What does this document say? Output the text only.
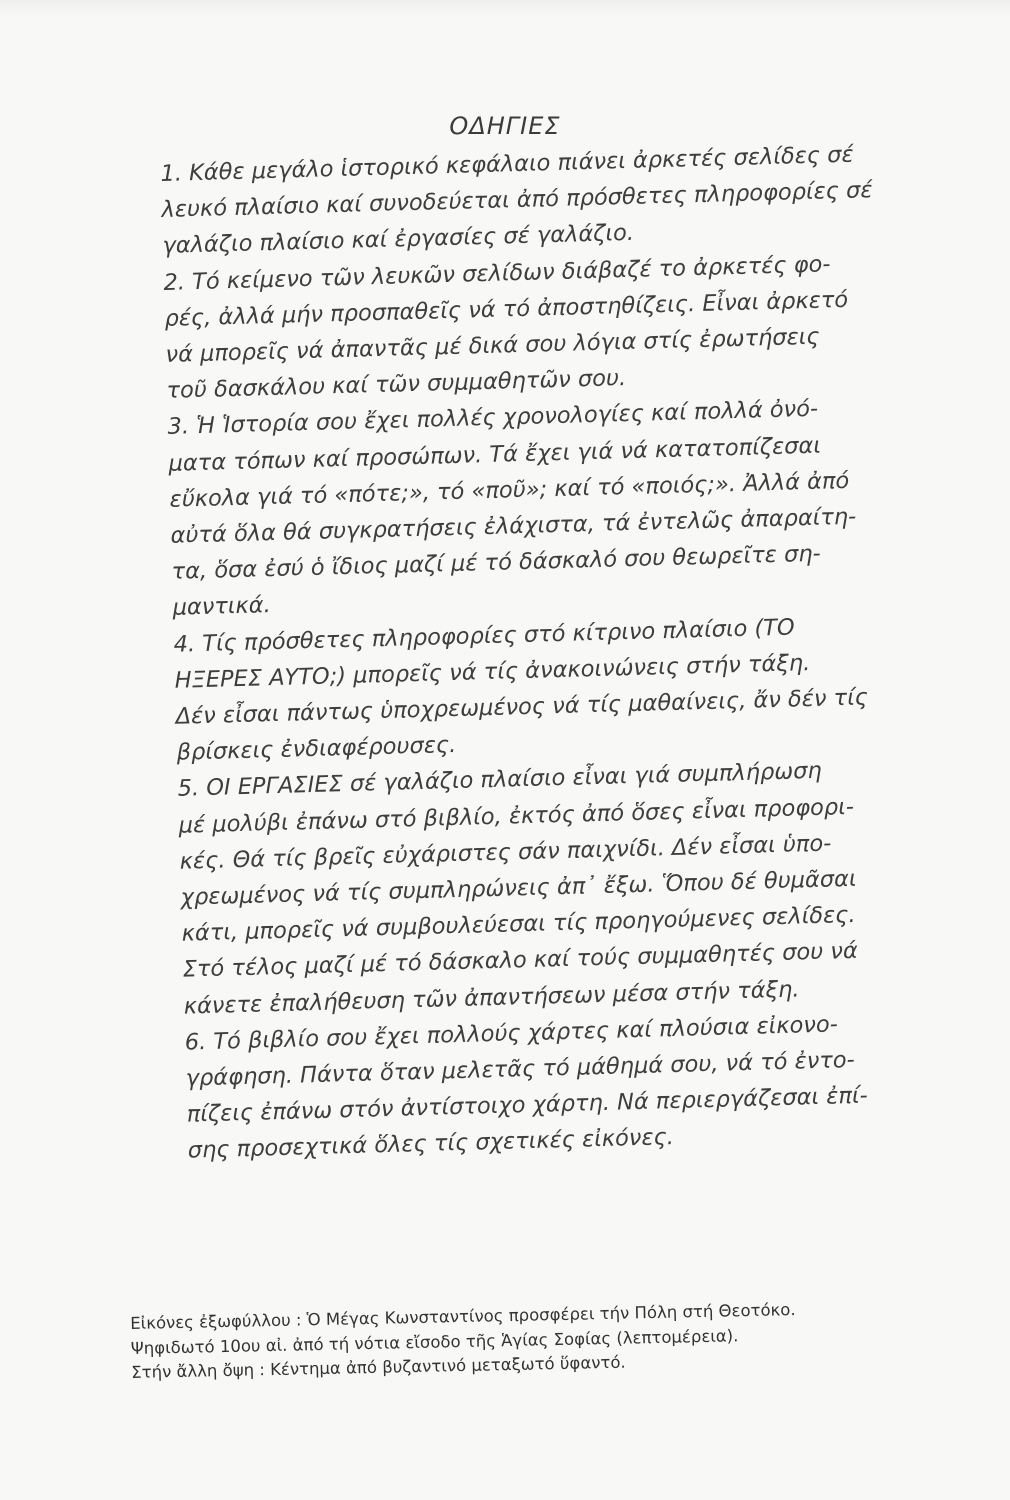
ΟΔΗΓΙΕΣ
1. Κάθε μεγάλο ἱστορικό κεφάλαιο πιάνει ἀρκετές σελίδες σέ
λευκό πλαίσιο καί συνοδεύεται ἀπό πρόσθετες πληροφορίες σέ
γαλάζιο πλαίσιο καί ἐργασίες σέ γαλάζιο.
2. Τό κείμενο τῶν λευκῶν σελίδων διάβαζέ το ἀρκετές φο-
ρές, ἀλλά μήν προσπαθεῖς νά τό ἀποστηθίζεις. Εἶναι ἀρκετό
νά μπορεῖς νά ἀπαντᾶς μέ δικά σου λόγια στίς ἐρωτήσεις
τοῦ δασκάλου καί τῶν συμμαθητῶν σου.
3. Ἡ Ἱστορία σου ἔχει πολλές χρονολογίες καί πολλά ὀνό-
ματα τόπων καί προσώπων. Τά ἔχει γιά νά κατατοπίζεσαι
εὔκολα γιά τό «πότε;», τό «ποῦ»; καί τό «ποιός;». Ἀλλά ἀπό
αὐτά ὅλα θά συγκρατήσεις ἐλάχιστα, τά ἐντελῶς ἀπαραίτη-
τα, ὅσα ἐσύ ὁ ἴδιος μαζί μέ τό δάσκαλό σου θεωρεῖτε ση-
μαντικά.
4. Τίς πρόσθετες πληροφορίες στό κίτρινο πλαίσιο (ΤΟ
ΗΞΕΡΕΣ ΑΥΤΟ;) μπορεῖς νά τίς ἀνακοινώνεις στήν τάξη.
Δέν εἶσαι πάντως ὑποχρεωμένος νά τίς μαθαίνεις, ἄν δέν τίς
βρίσκεις ἐνδιαφέρουσες.
5. ΟΙ ΕΡΓΑΣΙΕΣ σέ γαλάζιο πλαίσιο εἶναι γιά συμπλήρωση
μέ μολύβι ἐπάνω στό βιβλίο, ἐκτός ἀπό ὅσες εἶναι προφορι-
κές. Θά τίς βρεῖς εὐχάριστες σάν παιχνίδι. Δέν εἶσαι ὑπο-
χρεωμένος νά τίς συμπληρώνεις ἀπ᾿ ἔξω. Ὅπου δέ θυμᾶσαι
κάτι, μπορεῖς νά συμβουλεύεσαι τίς προηγούμενες σελίδες.
Στό τέλος μαζί μέ τό δάσκαλο καί τούς συμμαθητές σου νά
κάνετε ἐπαλήθευση τῶν ἀπαντήσεων μέσα στήν τάξη.
6. Τό βιβλίο σου ἔχει πολλούς χάρτες καί πλούσια εἰκονο-
γράφηση. Πάντα ὅταν μελετᾶς τό μάθημά σου, νά τό ἐντο-
πίζεις ἐπάνω στόν ἀντίστοιχο χάρτη. Νά περιεργάζεσαι ἐπί-
σης προσεχτικά ὅλες τίς σχετικές εἰκόνες.
Εἰκόνες ἐξωφύλλου : Ὁ Μέγας Κωνσταντίνος προσφέρει τήν Πόλη στή Θεοτόκο.
Ψηφιδωτό 10ου αἰ. ἀπό τή νότια εἴσοδο τῆς Ἁγίας Σοφίας (λεπτομέρεια).
Στήν ἄλλη ὄψη : Κέντημα ἀπό βυζαντινό μεταξωτό ὕφαντό.
